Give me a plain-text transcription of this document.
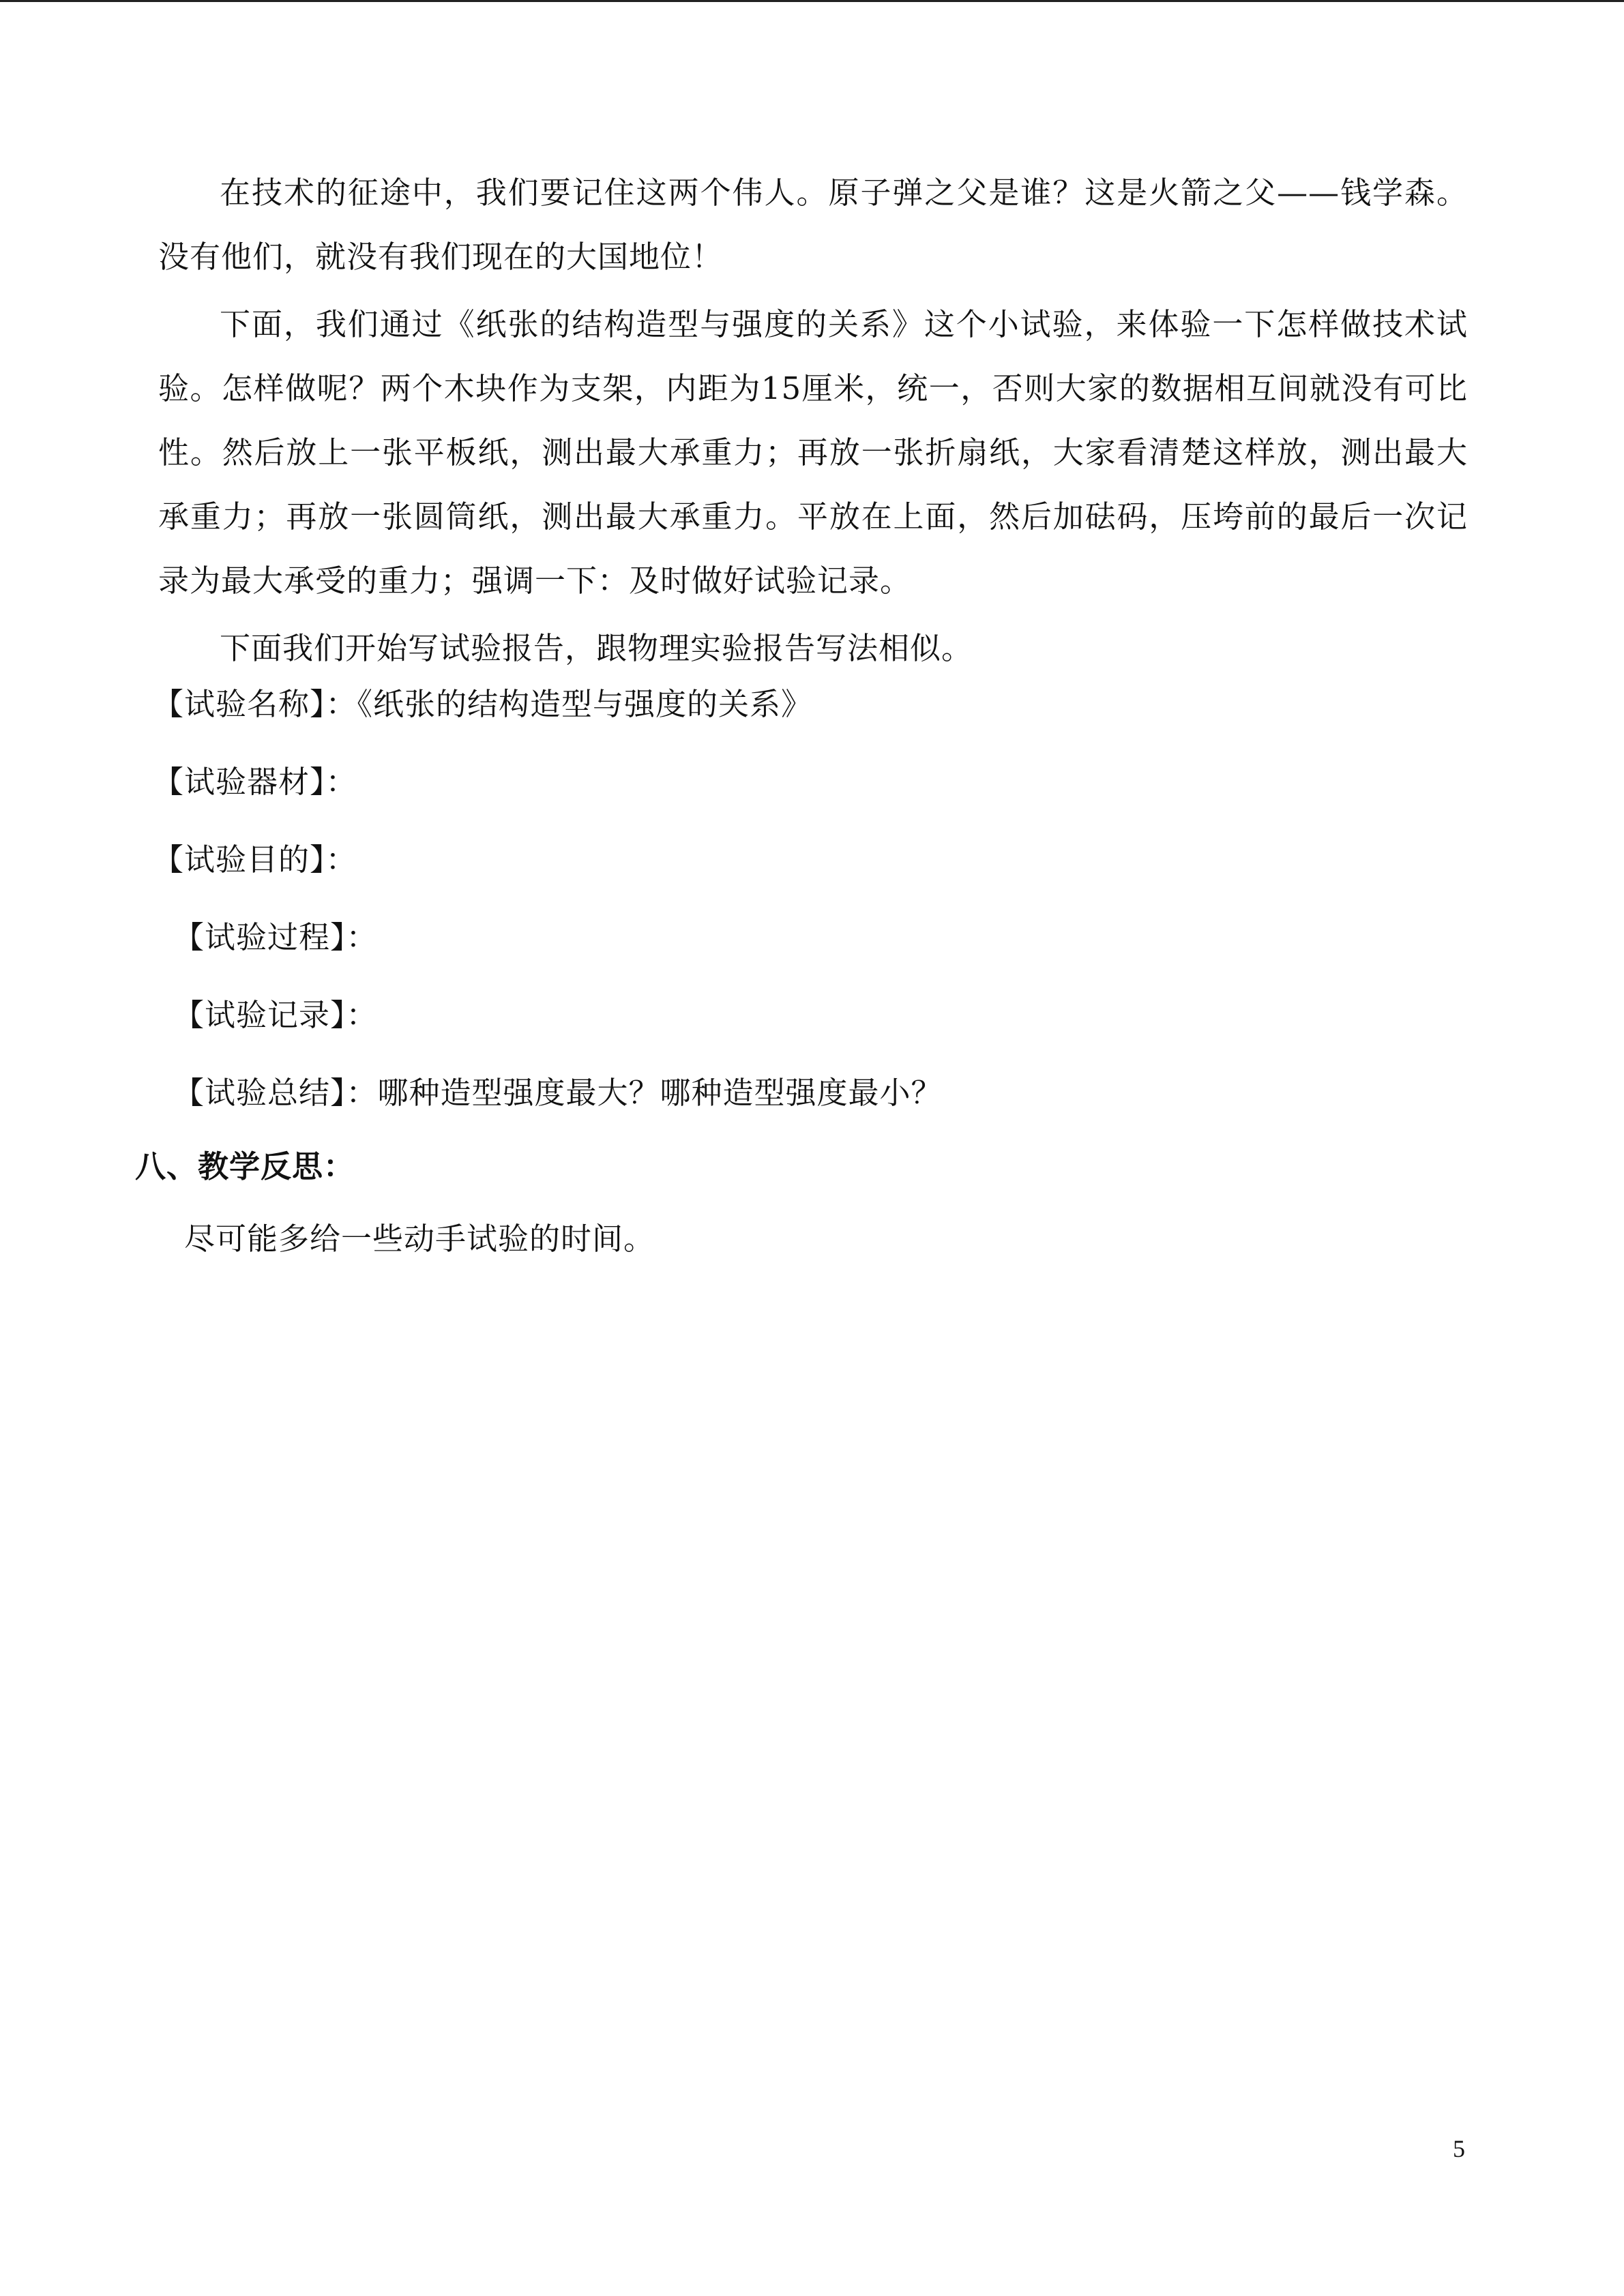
在技术的征途中，我们要记住这两个伟人。原子弹之父是谁？这是火箭之父——钱学森。没有他们，就没有我们现在的大国地位！

下面，我们通过《纸张的结构造型与强度的关系》这个小试验，来体验一下怎样做技术试验。怎样做呢？两个木块作为支架，内距为15厘米，统一，否则大家的数据相互间就没有可比性。然后放上一张平板纸，测出最大承重力；再放一张折扇纸，大家看清楚这样放，测出最大承重力；再放一张圆筒纸，测出最大承重力。平放在上面，然后加砝码，压垮前的最后一次记录为最大承受的重力；强调一下：及时做好试验记录。

下面我们开始写试验报告，跟物理实验报告写法相似。

【试验名称】：《纸张的结构造型与强度的关系》
【试验器材】：
【试验目的】：
【试验过程】：
【试验记录】：
【试验总结】：哪种造型强度最大？哪种造型强度最小？
八、教学反思：
尽可能多给一些动手试验的时间。
5
